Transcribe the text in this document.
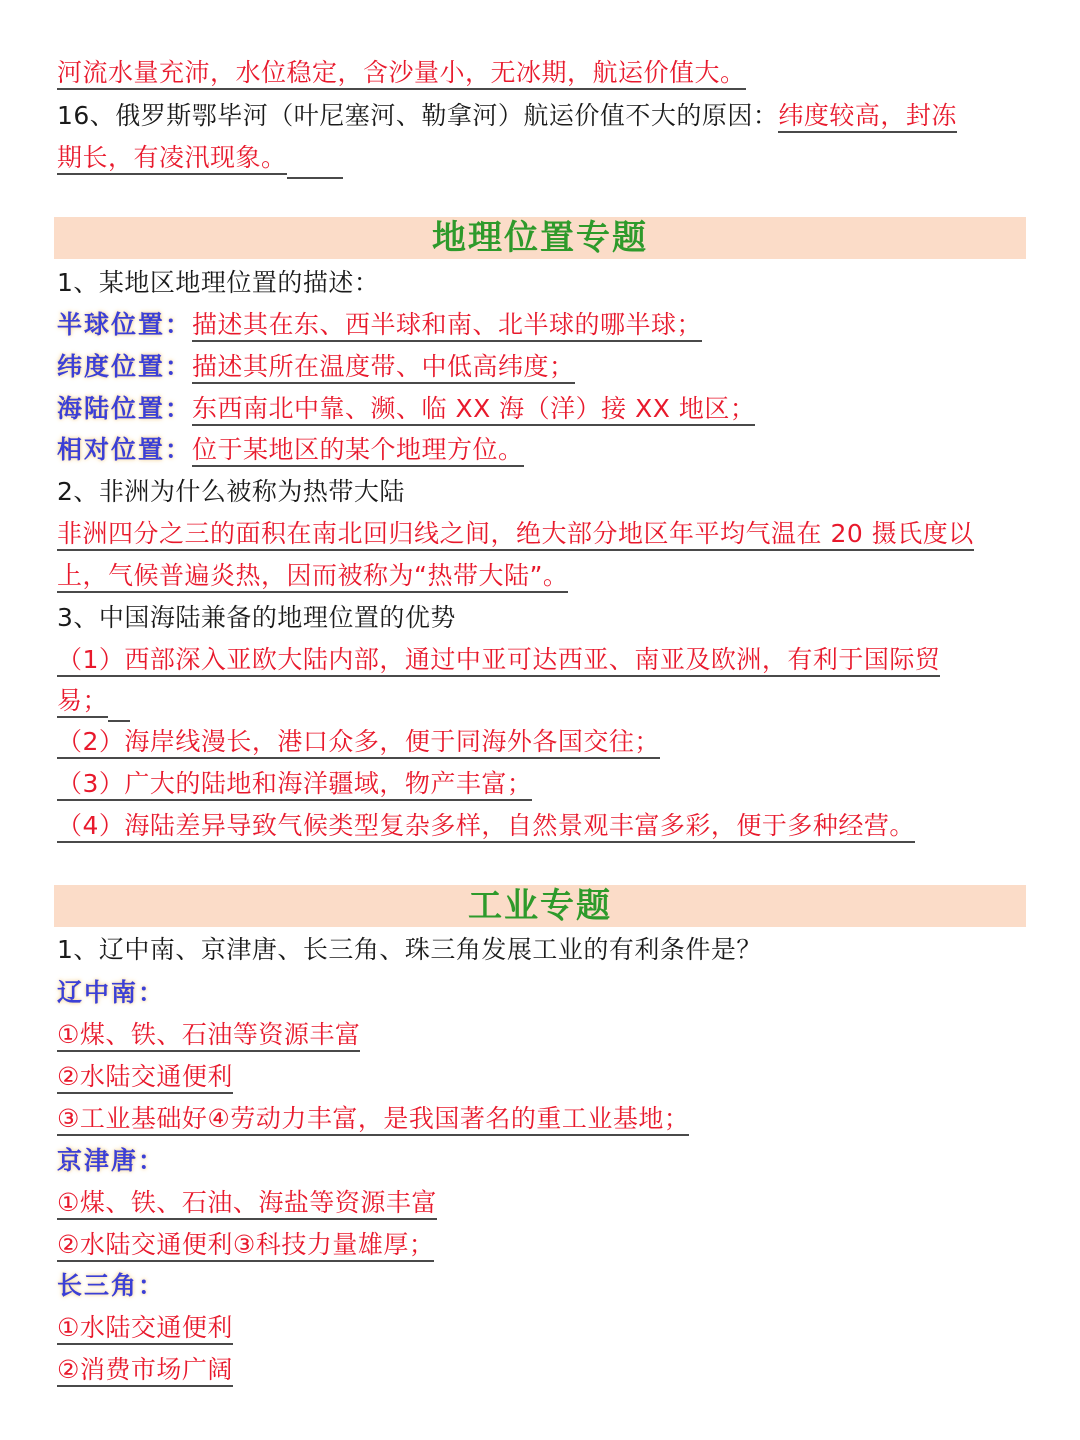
河流水量充沛，水位稳定，含沙量小，无冰期，航运价值大。
16、俄罗斯鄂毕河（叶尼塞河、勒拿河）航运价值不大的原因：纬度较高，封冻
期长，有凌汛现象。
地理位置专题
1、某地区地理位置的描述：
半球位置：描述其在东、西半球和南、北半球的哪半球；
纬度位置：描述其所在温度带、中低高纬度；
海陆位置：东西南北中靠、濒、临 XX 海（洋）接 XX 地区；
相对位置：位于某地区的某个地理方位。
2、非洲为什么被称为热带大陆
非洲四分之三的面积在南北回归线之间，绝大部分地区年平均气温在 20 摄氏度以
上，气候普遍炎热，因而被称为“热带大陆”。
3、中国海陆兼备的地理位置的优势
（1）西部深入亚欧大陆内部，通过中亚可达西亚、南亚及欧洲，有利于国际贸
易；
（2）海岸线漫长，港口众多，便于同海外各国交往；
（3）广大的陆地和海洋疆域，物产丰富；
（4）海陆差异导致气候类型复杂多样，自然景观丰富多彩，便于多种经营。
工业专题
1、辽中南、京津唐、长三角、珠三角发展工业的有利条件是？
辽中南：
①煤、铁、石油等资源丰富
②水陆交通便利
③工业基础好④劳动力丰富，是我国著名的重工业基地；
京津唐：
①煤、铁、石油、海盐等资源丰富
②水陆交通便利③科技力量雄厚；
长三角：
①水陆交通便利
②消费市场广阔
